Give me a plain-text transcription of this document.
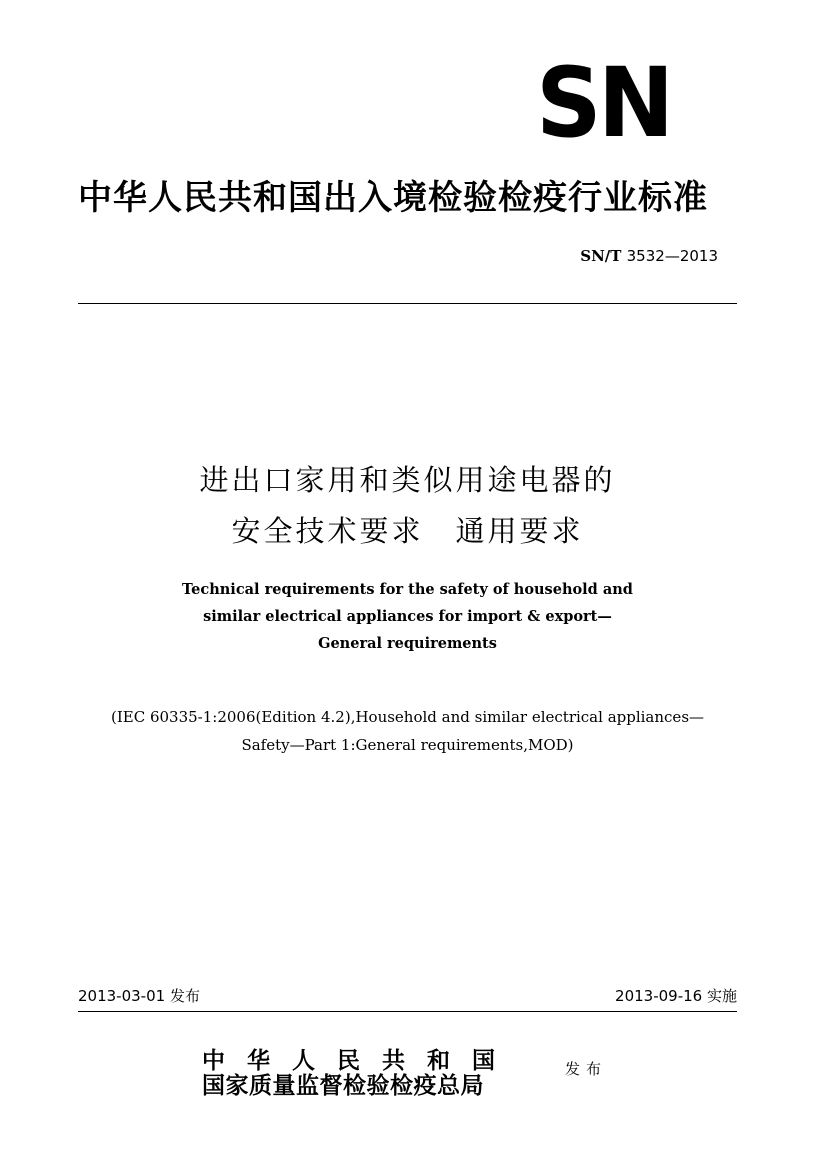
SN
中华人民共和国出入境检验检疫行业标准
SN/T 3532—2013
进出口家用和类似用途电器的
安全技术要求　通用要求
Technical requirements for the safety of household and
similar electrical appliances for import & export—
General requirements
(IEC 60335-1:2006(Edition 4.2),Household and similar electrical appliances—
Safety—Part 1:General requirements,MOD)
2013-03-01 发布	2013-09-16 实施
中华人民共和国
国家质量监督检验检疫总局
发布
